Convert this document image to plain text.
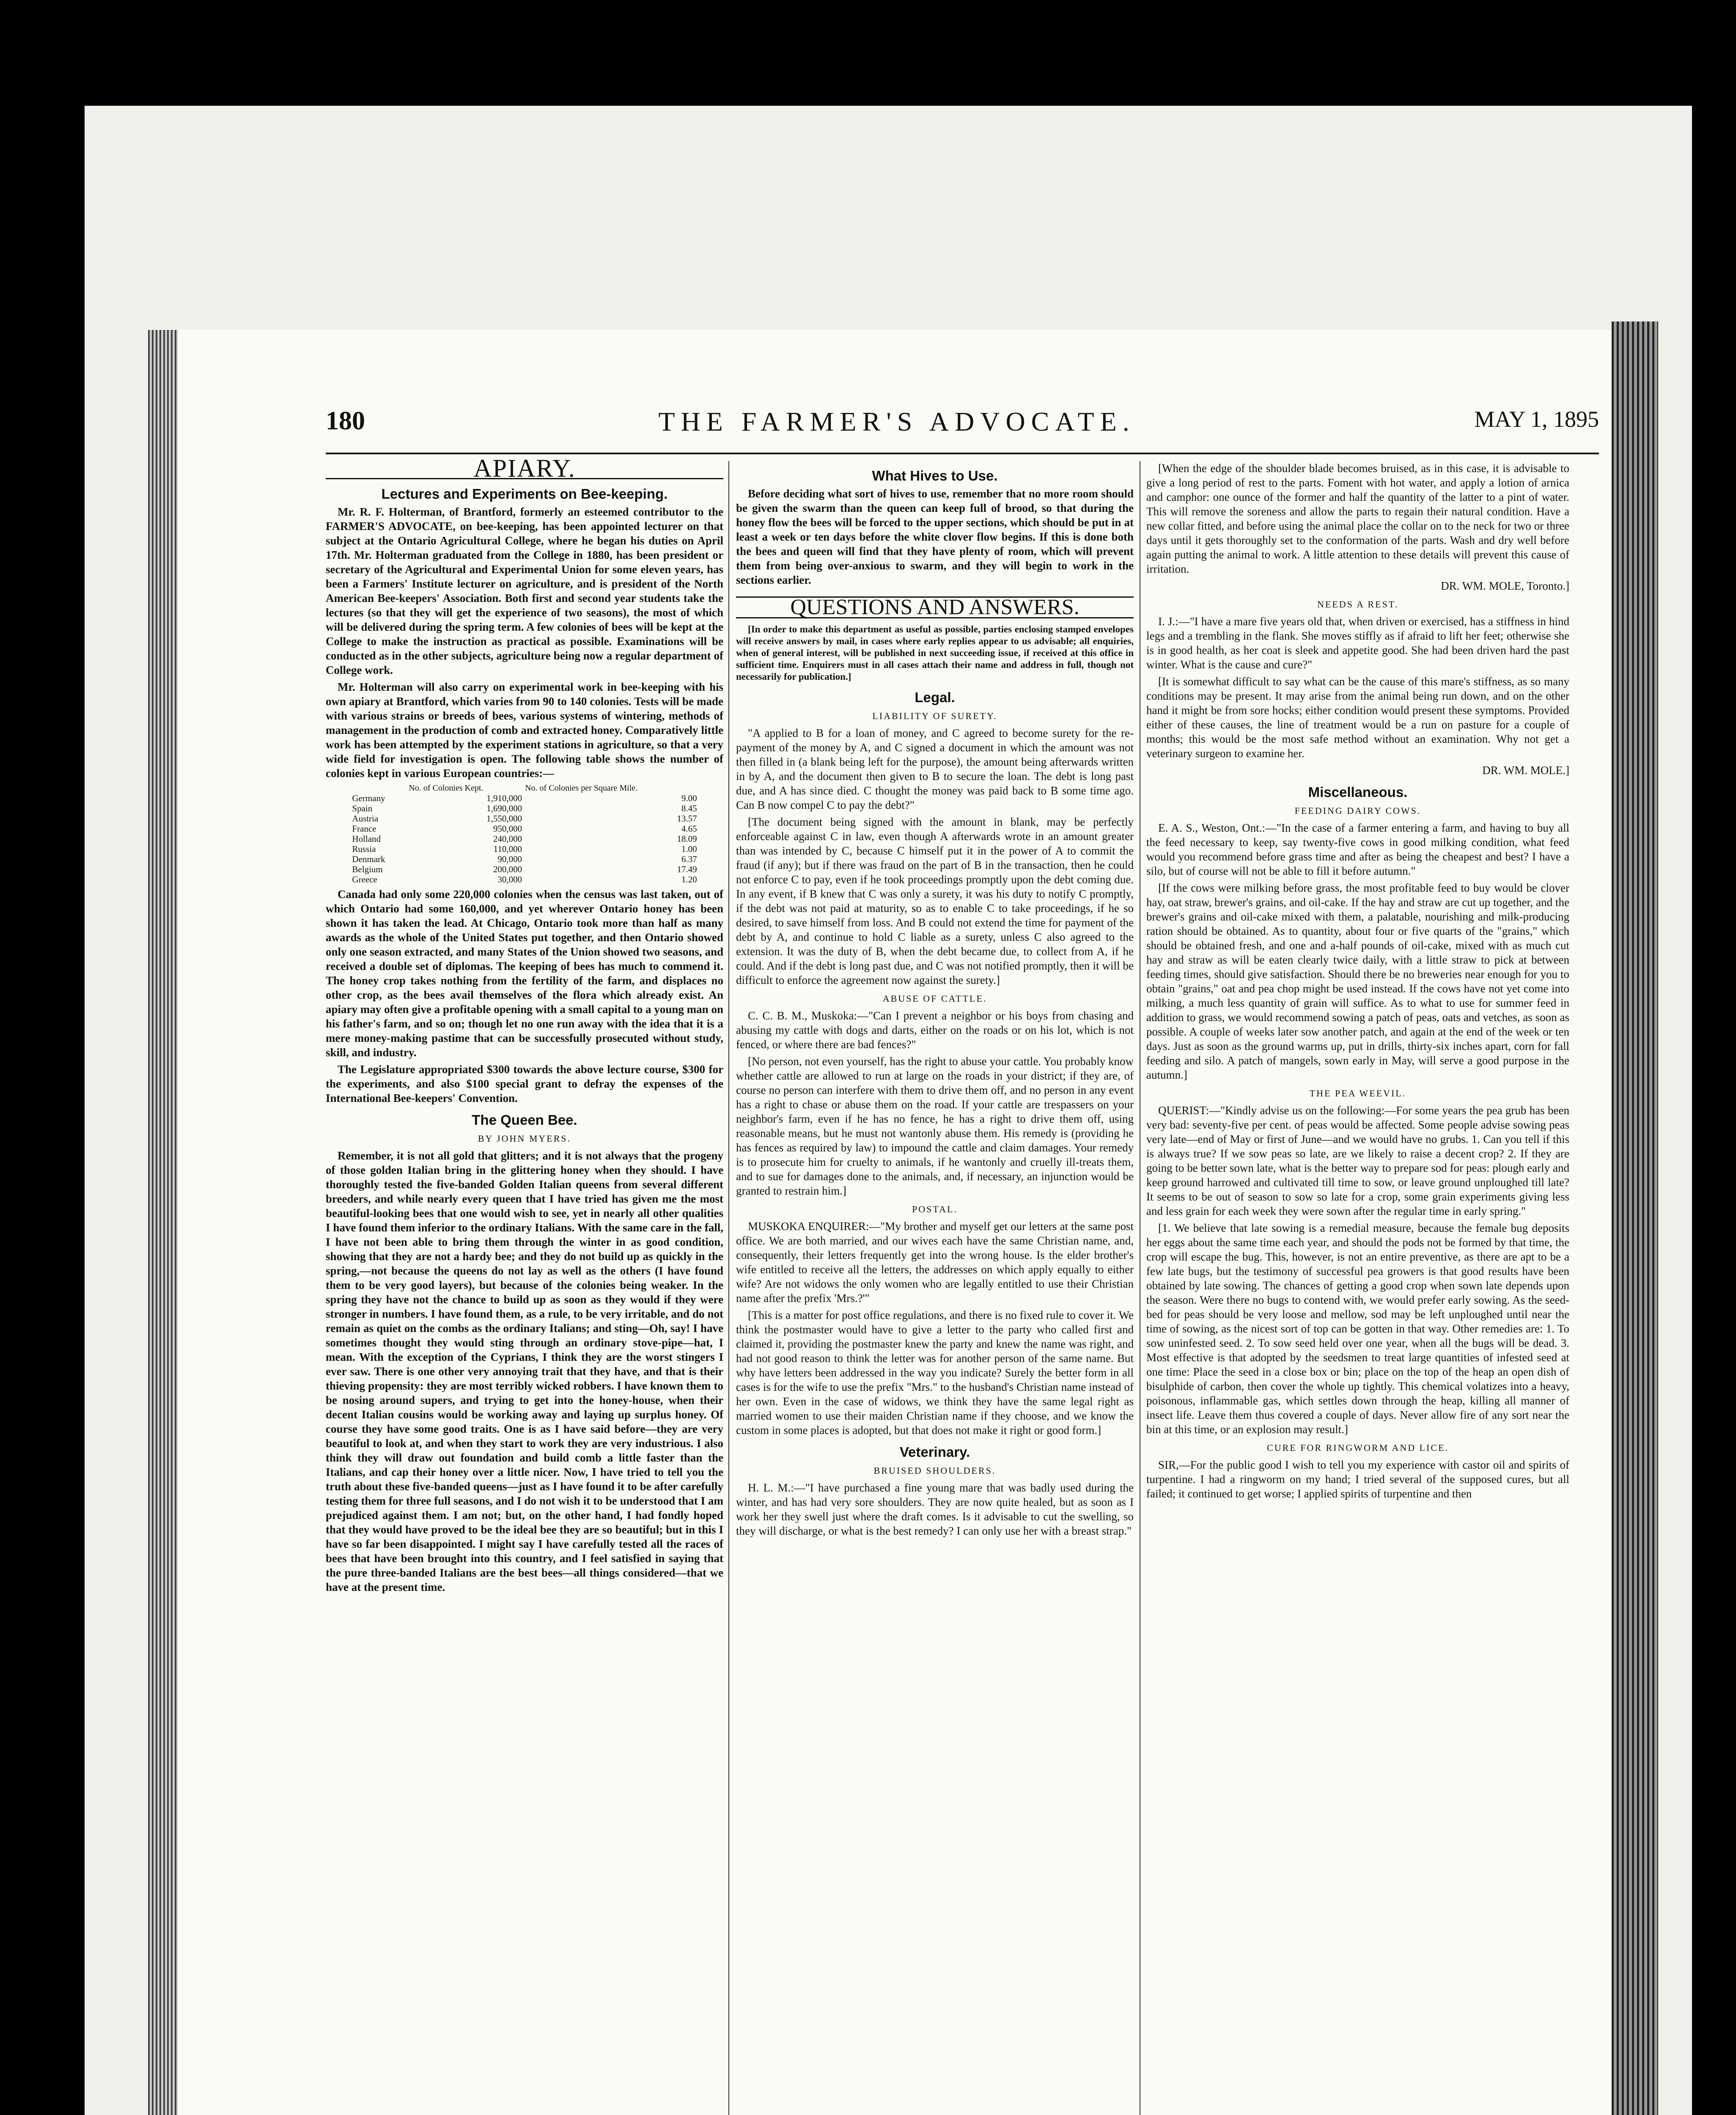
180	THE FARMER'S ADVOCATE.	MAY 1, 1895
APIARY.
Lectures and Experiments on Bee-keeping.

Mr. R. F. Holterman, of Brantford, formerly an esteemed contributor to the FARMER'S ADVOCATE, on bee-keeping, has been appointed lecturer on that subject at the Ontario Agricultural College, where he began his duties on April 17th. Mr. Holterman graduated from the College in 1880, has been president or secretary of the Agricultural and Experimental Union for some eleven years, has been a Farmers' Institute lecturer on agriculture, and is president of the North American Bee-keepers' Association. Both first and second year students take the lectures (so that they will get the experience of two seasons), the most of which will be delivered during the spring term. A few colonies of bees will be kept at the College to make the instruction as practical as possible. Examinations will be conducted as in the other subjects, agriculture being now a regular department of College work.

Mr. Holterman will also carry on experimental work in bee-keeping with his own apiary at Brantford, which varies from 90 to 140 colonies. Tests will be made with various strains or breeds of bees, various systems of wintering, methods of management in the production of comb and extracted honey. Comparatively little work has been attempted by the experiment stations in agriculture, so that a very wide field for investigation is open. The following table shows the number of colonies kept in various European countries:—

	No. of Colonies Kept.	No. of Colonies per Square Mile.
Germany	1,910,000	9.00
Spain	1,690,000	8.45
Austria	1,550,000	13.57
France	950,000	4.65
Holland	240,000	18.09
Russia	110,000	1.00
Denmark	90,000	6.37
Belgium	200,000	17.49
Greece	30,000	1.20

Canada had only some 220,000 colonies when the census was last taken, out of which Ontario had some 160,000, and yet wherever Ontario honey has been shown it has taken the lead. At Chicago, Ontario took more than half as many awards as the whole of the United States put together, and then Ontario showed only one season extracted, and many States of the Union showed two seasons, and received a double set of diplomas. The keeping of bees has much to commend it. The honey crop takes nothing from the fertility of the farm, and displaces no other crop, as the bees avail themselves of the flora which already exist. An apiary may often give a profitable opening with a small capital to a young man on his father's farm, and so on; though let no one run away with the idea that it is a mere money-making pastime that can be successfully prosecuted without study, skill, and industry.

The Legislature appropriated $300 towards the above lecture course, $300 for the experiments, and also $100 special grant to defray the expenses of the International Bee-keepers' Convention.

The Queen Bee.
BY JOHN MYERS.

Remember, it is not all gold that glitters; and it is not always that the progeny of those golden Italian bring in the glittering honey when they should. I have thoroughly tested the five-banded Golden Italian queens from several different breeders, and while nearly every queen that I have tried has given me the most beautiful-looking bees that one would wish to see, yet in nearly all other qualities I have found them inferior to the ordinary Italians. With the same care in the fall, I have not been able to bring them through the winter in as good condition, showing that they are not a hardy bee; and they do not build up as quickly in the spring,—not because the queens do not lay as well as the others (I have found them to be very good layers), but because of the colonies being weaker. In the spring they have not the chance to build up as soon as they would if they were stronger in numbers. I have found them, as a rule, to be very irritable, and do not remain as quiet on the combs as the ordinary Italians; and sting—Oh, say! I have sometimes thought they would sting through an ordinary stove-pipe—hat, I mean. With the exception of the Cyprians, I think they are the worst stingers I ever saw. There is one other very annoying trait that they have, and that is their thieving propensity: they are most terribly wicked robbers. I have known them to be nosing around supers, and trying to get into the honey-house, when their decent Italian cousins would be working away and laying up surplus honey. Of course they have some good traits. One is as I have said before—they are very beautiful to look at, and when they start to work they are very industrious. I also think they will draw out foundation and build comb a little faster than the Italians, and cap their honey over a little nicer. Now, I have tried to tell you the truth about these five-banded queens—just as I have found it to be after carefully testing them for three full seasons, and I do not wish it to be understood that I am prejudiced against them. I am not; but, on the other hand, I had fondly hoped that they would have proved to be the ideal bee they are so beautiful; but in this I have so far been disappointed. I might say I have carefully tested all the races of bees that have been brought into this country, and I feel satisfied in saying that the pure three-banded Italians are the best bees—all things considered—that we have at the present time.

What Hives to Use.

Before deciding what sort of hives to use, remember that no more room should be given the swarm than the queen can keep full of brood, so that during the honey flow the bees will be forced to the upper sections, which should be put in at least a week or ten days before the white clover flow begins. If this is done both the bees and queen will find that they have plenty of room, which will prevent them from being over-anxious to swarm, and they will begin to work in the sections earlier.

QUESTIONS AND ANSWERS.

[In order to make this department as useful as possible, parties enclosing stamped envelopes will receive answers by mail, in cases where early replies appear to us advisable; all enquiries, when of general interest, will be published in next succeeding issue, if received at this office in sufficient time. Enquirers must in all cases attach their name and address in full, though not necessarily for publication.]

Legal.
LIABILITY OF SURETY.

"A applied to B for a loan of money, and C agreed to become surety for the re-payment of the money by A, and C signed a document in which the amount was not then filled in (a blank being left for the purpose), the amount being afterwards written in by A, and the document then given to B to secure the loan. The debt is long past due, and A has since died. C thought the money was paid back to B some time ago. Can B now compel C to pay the debt?"

[The document being signed with the amount in blank, may be perfectly enforceable against C in law, even though A afterwards wrote in an amount greater than was intended by C, because C himself put it in the power of A to commit the fraud (if any); but if there was fraud on the part of B in the transaction, then he could not enforce C to pay, even if he took proceedings promptly upon the debt coming due. In any event, if B knew that C was only a surety, it was his duty to notify C promptly, if the debt was not paid at maturity, so as to enable C to take proceedings, if he so desired, to save himself from loss. And B could not extend the time for payment of the debt by A, and continue to hold C liable as a surety, unless C also agreed to the extension. It was the duty of B, when the debt became due, to collect from A, if he could. And if the debt is long past due, and C was not notified promptly, then it will be difficult to enforce the agreement now against the surety.]

ABUSE OF CATTLE.

C. C. B. M., Muskoka:—"Can I prevent a neighbor or his boys from chasing and abusing my cattle with dogs and darts, either on the roads or on his lot, which is not fenced, or where there are bad fences?"

[No person, not even yourself, has the right to abuse your cattle. You probably know whether cattle are allowed to run at large on the roads in your district; if they are, of course no person can interfere with them to drive them off, and no person in any event has a right to chase or abuse them on the road. If your cattle are trespassers on your neighbor's farm, even if he has no fence, he has a right to drive them off, using reasonable means, but he must not wantonly abuse them. His remedy is (providing he has fences as required by law) to impound the cattle and claim damages. Your remedy is to prosecute him for cruelty to animals, if he wantonly and cruelly ill-treats them, and to sue for damages done to the animals, and, if necessary, an injunction would be granted to restrain him.]

POSTAL.

MUSKOKA ENQUIRER:—"My brother and myself get our letters at the same post office. We are both married, and our wives each have the same Christian name, and, consequently, their letters frequently get into the wrong house. Is the elder brother's wife entitled to receive all the letters, the addresses on which apply equally to either wife? Are not widows the only women who are legally entitled to use their Christian name after the prefix 'Mrs.?'"

[This is a matter for post office regulations, and there is no fixed rule to cover it. We think the postmaster would have to give a letter to the party who called first and claimed it, providing the postmaster knew the party and knew the name was right, and had not good reason to think the letter was for another person of the same name. But why have letters been addressed in the way you indicate? Surely the better form in all cases is for the wife to use the prefix "Mrs." to the husband's Christian name instead of her own. Even in the case of widows, we think they have the same legal right as married women to use their maiden Christian name if they choose, and we know the custom in some places is adopted, but that does not make it right or good form.]

Veterinary.
BRUISED SHOULDERS.

H. L. M.:—"I have purchased a fine young mare that was badly used during the winter, and has had very sore shoulders. They are now quite healed, but as soon as I work her they swell just where the draft comes. Is it advisable to cut the swelling, so they will discharge, or what is the best remedy? I can only use her with a breast strap."

[When the edge of the shoulder blade becomes bruised, as in this case, it is advisable to give a long period of rest to the parts. Foment with hot water, and apply a lotion of arnica and camphor: one ounce of the former and half the quantity of the latter to a pint of water. This will remove the soreness and allow the parts to regain their natural condition. Have a new collar fitted, and before using the animal place the collar on to the neck for two or three days until it gets thoroughly set to the conformation of the parts. Wash and dry well before again putting the animal to work. A little attention to these details will prevent this cause of irritation.

DR. WM. MOLE, Toronto.]

NEEDS A REST.

I. J.:—"I have a mare five years old that, when driven or exercised, has a stiffness in hind legs and a trembling in the flank. She moves stiffly as if afraid to lift her feet; otherwise she is in good health, as her coat is sleek and appetite good. She had been driven hard the past winter. What is the cause and cure?"

[It is somewhat difficult to say what can be the cause of this mare's stiffness, as so many conditions may be present. It may arise from the animal being run down, and on the other hand it might be from sore hocks; either condition would present these symptoms. Provided either of these causes, the line of treatment would be a run on pasture for a couple of months; this would be the most safe method without an examination. Why not get a veterinary surgeon to examine her.

DR. WM. MOLE.]

Miscellaneous.
FEEDING DAIRY COWS.

E. A. S., Weston, Ont.:—"In the case of a farmer entering a farm, and having to buy all the feed necessary to keep, say twenty-five cows in good milking condition, what feed would you recommend before grass time and after as being the cheapest and best? I have a silo, but of course will not be able to fill it before autumn."

[If the cows were milking before grass, the most profitable feed to buy would be clover hay, oat straw, brewer's grains, and oil-cake. If the hay and straw are cut up together, and the brewer's grains and oil-cake mixed with them, a palatable, nourishing and milk-producing ration should be obtained. As to quantity, about four or five quarts of the "grains," which should be obtained fresh, and one and a-half pounds of oil-cake, mixed with as much cut hay and straw as will be eaten clearly twice daily, with a little straw to pick at between feeding times, should give satisfaction. Should there be no breweries near enough for you to obtain "grains," oat and pea chop might be used instead. If the cows have not yet come into milking, a much less quantity of grain will suffice. As to what to use for summer feed in addition to grass, we would recommend sowing a patch of peas, oats and vetches, as soon as possible. A couple of weeks later sow another patch, and again at the end of the week or ten days. Just as soon as the ground warms up, put in drills, thirty-six inches apart, corn for fall feeding and silo. A patch of mangels, sown early in May, will serve a good purpose in the autumn.]

THE PEA WEEVIL.

QUERIST:—"Kindly advise us on the following:—For some years the pea grub has been very bad: seventy-five per cent. of peas would be affected. Some people advise sowing peas very late—end of May or first of June—and we would have no grubs. 1. Can you tell if this is always true? If we sow peas so late, are we likely to raise a decent crop? 2. If they are going to be better sown late, what is the better way to prepare sod for peas: plough early and keep ground harrowed and cultivated till time to sow, or leave ground unploughed till late? It seems to be out of season to sow so late for a crop, some grain experiments giving less and less grain for each week they were sown after the regular time in early spring."

[1. We believe that late sowing is a remedial measure, because the female bug deposits her eggs about the same time each year, and should the pods not be formed by that time, the crop will escape the bug. This, however, is not an entire preventive, as there are apt to be a few late bugs, but the testimony of successful pea growers is that good results have been obtained by late sowing. The chances of getting a good crop when sown late depends upon the season. Were there no bugs to contend with, we would prefer early sowing. As the seed-bed for peas should be very loose and mellow, sod may be left unploughed until near the time of sowing, as the nicest sort of top can be gotten in that way. Other remedies are: 1. To sow uninfested seed. 2. To sow seed held over one year, when all the bugs will be dead. 3. Most effective is that adopted by the seedsmen to treat large quantities of infested seed at one time: Place the seed in a close box or bin; place on the top of the heap an open dish of bisulphide of carbon, then cover the whole up tightly. This chemical volatizes into a heavy, poisonous, inflammable gas, which settles down through the heap, killing all manner of insect life. Leave them thus covered a couple of days. Never allow fire of any sort near the bin at this time, or an explosion may result.]

CURE FOR RINGWORM AND LICE.

SIR,—For the public good I wish to tell you my experience with castor oil and spirits of turpentine. I had a ringworm on my hand; I tried several of the supposed cures, but all failed; it continued to get worse; I applied spirits of turpentine and then
